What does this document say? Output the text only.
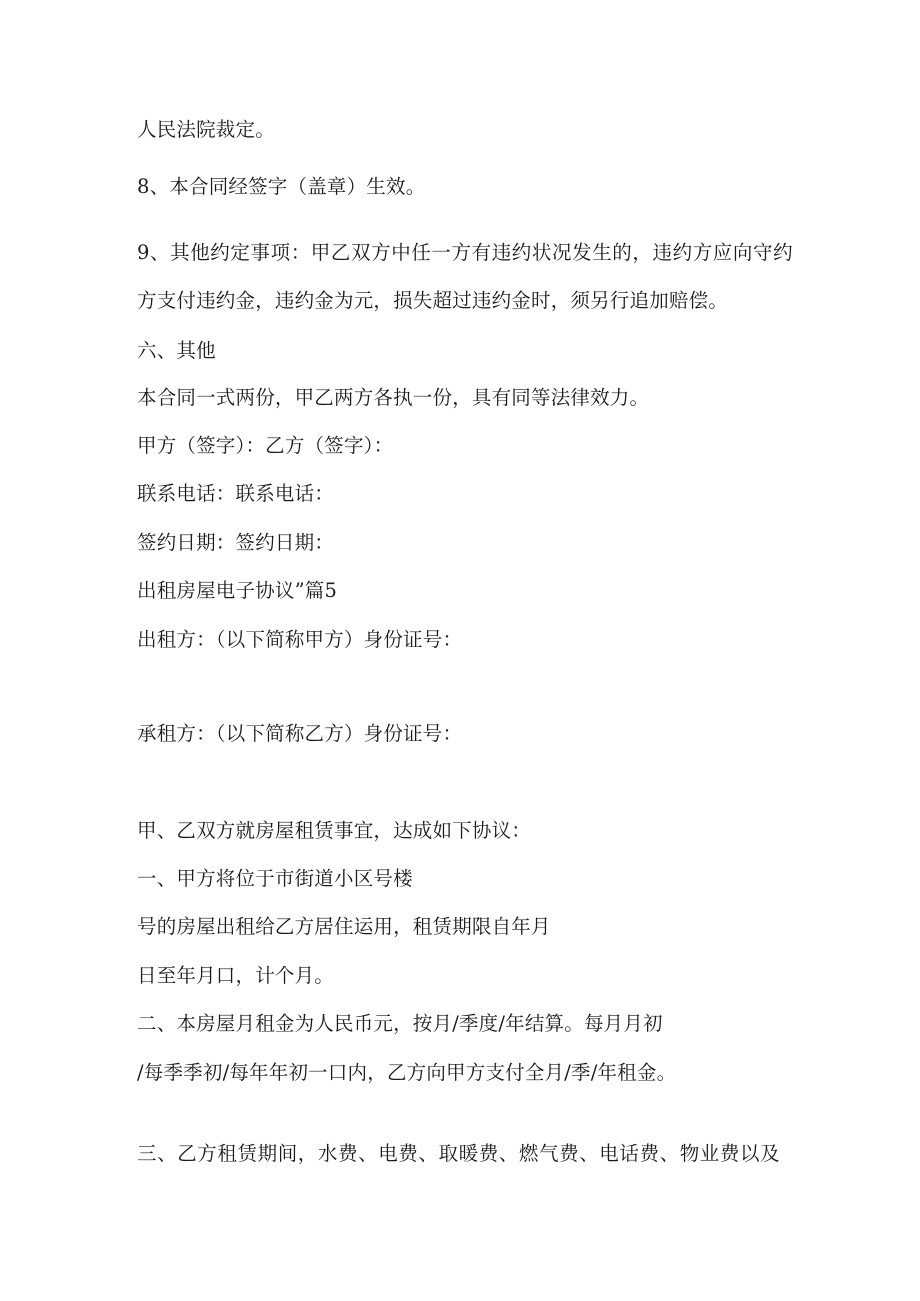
人民法院裁定。
8、本合同经签字（盖章）生效。
9、其他约定事项：甲乙双方中任一方有违约状况发生的，违约方应向守约
方支付违约金，违约金为元，损失超过违约金时，须另行追加赔偿。
六、其他
本合同一式两份，甲乙两方各执一份，具有同等法律效力。
甲方（签字）：乙方（签字）：
联系电话：联系电话：
签约日期：签约日期：
出租房屋电子协议”篇5
出租方：（以下简称甲方）身份证号：
承租方：（以下简称乙方）身份证号：
甲、乙双方就房屋租赁事宜，达成如下协议：
一、甲方将位于市街道小区号楼
号的房屋出租给乙方居住运用，租赁期限自年月
日至年月口，计个月。
二、本房屋月租金为人民币元，按月/季度/年结算。每月月初
/每季季初/每年年初一口内，乙方向甲方支付全月/季/年租金。
三、乙方租赁期间，水费、电费、取暖费、燃气费、电话费、物业费以及
